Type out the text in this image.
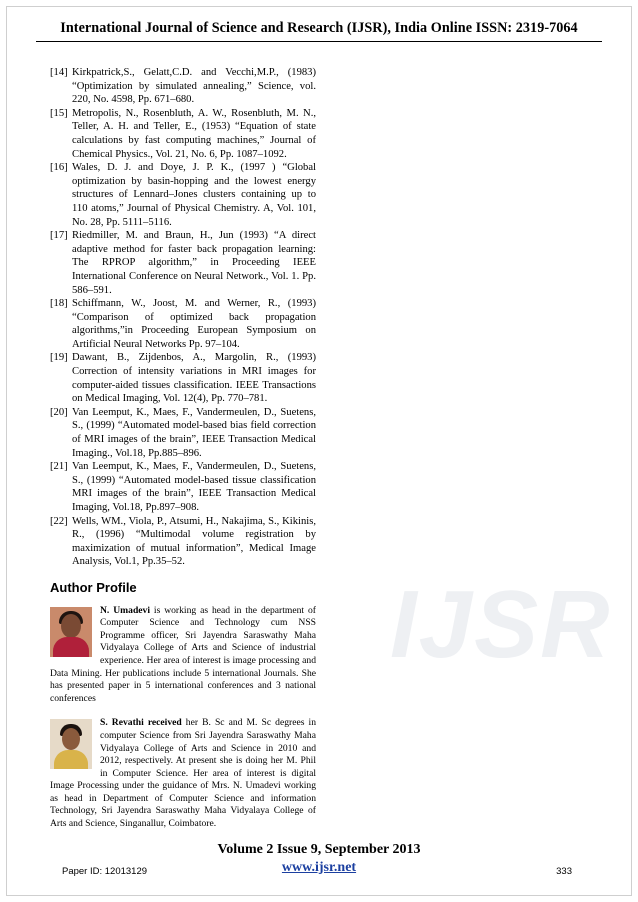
International Journal of Science and Research (IJSR), India Online ISSN: 2319-7064
IJSR

[14] Kirkpatrick,S., Gelatt,C.D. and Vecchi,M.P., (1983) “Optimization by simulated annealing,” Science, vol. 220, No. 4598, Pp. 671–680.

[15] Metropolis, N., Rosenbluth, A. W., Rosenbluth, M. N., Teller, A. H. and Teller, E., (1953) “Equation of state calculations by fast computing machines,” Journal of Chemical Physics., Vol. 21, No. 6, Pp. 1087–1092.

[16] Wales, D. J. and Doye, J. P. K., (1997 ) “Global optimization by basin-hopping and the lowest energy structures of Lennard–Jones clusters containing up to 110 atoms,” Journal of Physical Chemistry. A, Vol. 101, No. 28, Pp. 5111–5116.

[17] Riedmiller, M. and Braun, H., Jun (1993) “A direct adaptive method for faster back propagation learning: The RPROP algorithm,” in Proceeding IEEE International Conference on Neural Network., Vol. 1. Pp. 586–591.

[18] Schiffmann, W., Joost, M. and Werner, R., (1993) “Comparison of optimized back propagation algorithms,”in Proceeding European Symposium on Artificial Neural Networks Pp. 97–104.

[19] Dawant, B., Zijdenbos, A., Margolin, R., (1993) Correction of intensity variations in MRI images for computer-aided tissues classification. IEEE Transactions on Medical Imaging, Vol. 12(4), Pp. 770–781.

[20] Van Leemput, K., Maes, F., Vandermeulen, D., Suetens, S., (1999) “Automated model-based bias field correction of MRI images of the brain”, IEEE Transaction Medical Imaging., Vol.18, Pp.885–896.

[21] Van Leemput, K., Maes, F., Vandermeulen, D., Suetens, S., (1999) “Automated model-based tissue classification MRI images of the brain”, IEEE Transaction Medical Imaging, Vol.18, Pp.897–908.

[22] Wells, WM., Viola, P., Atsumi, H., Nakajima, S., Kikinis, R., (1996) “Multimodal volume registration by maximization of mutual information”, Medical Image Analysis, Vol.1, Pp.35–52.

Author Profile
N. Umadevi is working as head in the department of Computer Science and Technology cum NSS Programme officer, Sri Jayendra Saraswathy Maha Vidyalaya College of Arts and Science of industrial experience. Her area of interest is image processing and Data Mining. Her publications include 5 international Journals. She has presented paper in 5 international conferences and 3 national conferences
S. Revathi received her B. Sc and M. Sc degrees in computer Science from Sri Jayendra Saraswathy Maha Vidyalaya College of Arts and Science in 2010 and 2012, respectively. At present she is doing her M. Phil in Computer Science. Her area of interest is digital Image Processing under the guidance of Mrs. N. Umadevi working as head in Department of Computer Science and information Technology, Sri Jayendra Saraswathy Maha Vidyalaya College of Arts and Science, Singanallur, Coimbatore.
Volume 2 Issue 9, September 2013
www.ijsr.net
Paper ID: 12013129	333
